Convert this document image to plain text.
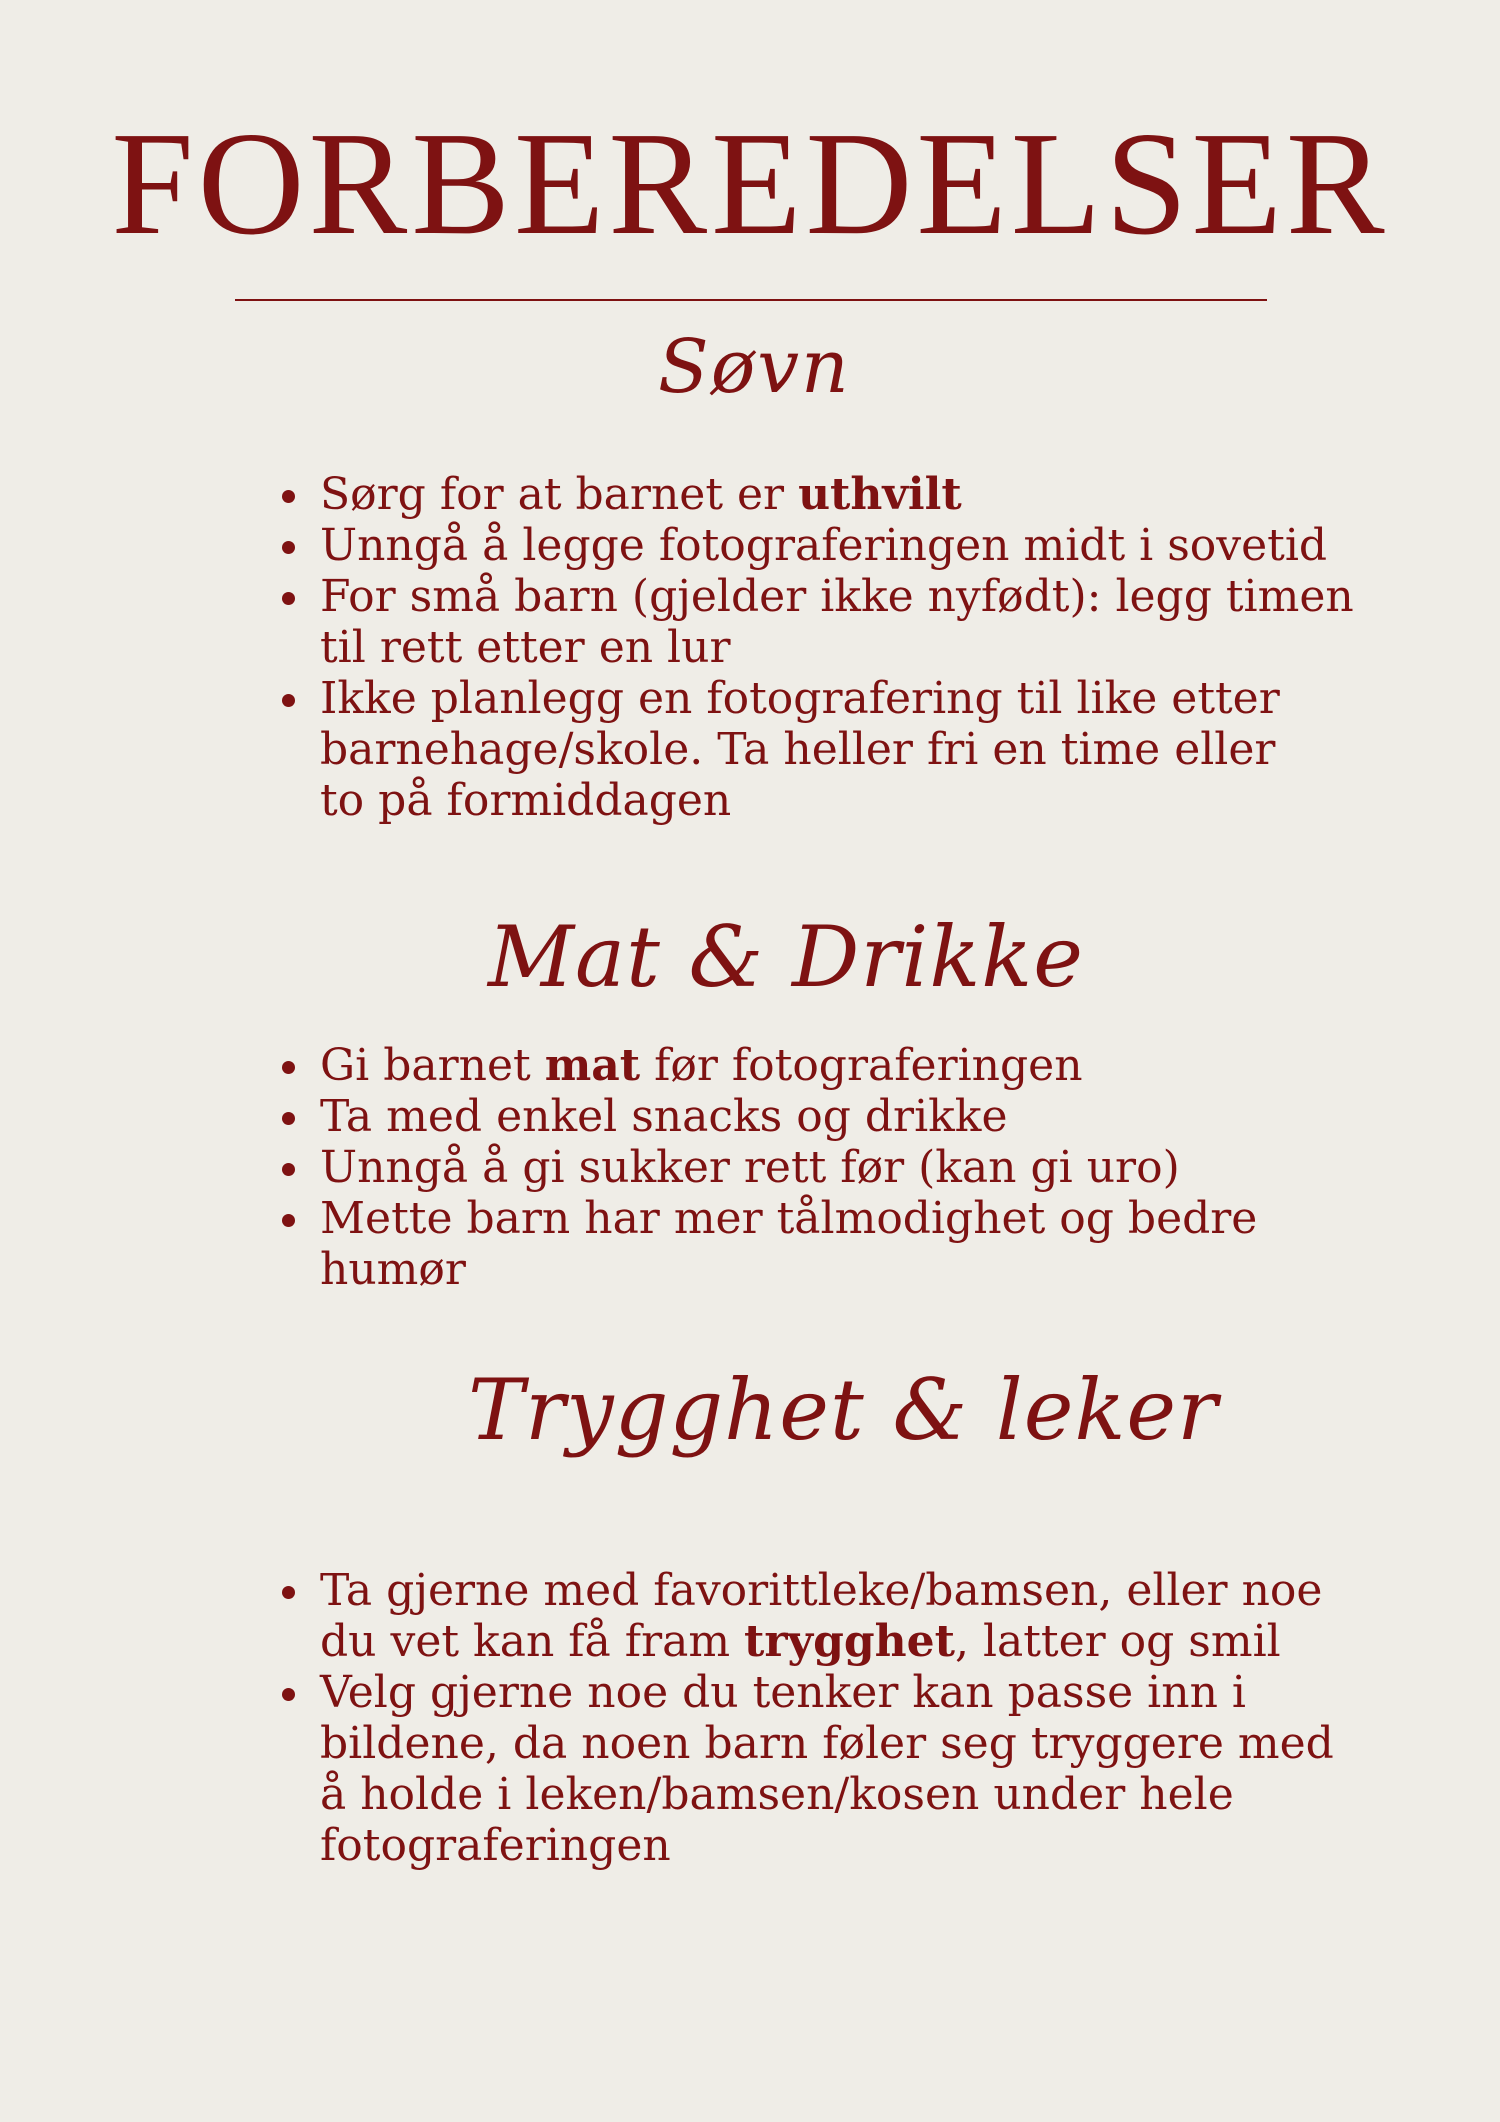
FORBEREDELSER
Søvn
Sørg for at barnet er uthvilt
Unngå å legge fotograferingen midt i sovetid
For små barn (gjelder ikke nyfødt): legg timen
til rett etter en lur
Ikke planlegg en fotografering til like etter
barnehage/skole. Ta heller fri en time eller
to på formiddagen
Mat & Drikke
Gi barnet mat før fotograferingen
Ta med enkel snacks og drikke
Unngå å gi sukker rett før (kan gi uro)
Mette barn har mer tålmodighet og bedre
humør
Trygghet & leker
Ta gjerne med favorittleke/bamsen, eller noe
du vet kan få fram trygghet, latter og smil
Velg gjerne noe du tenker kan passe inn i
bildene, da noen barn føler seg tryggere med
å holde i leken/bamsen/kosen under hele
fotograferingen
